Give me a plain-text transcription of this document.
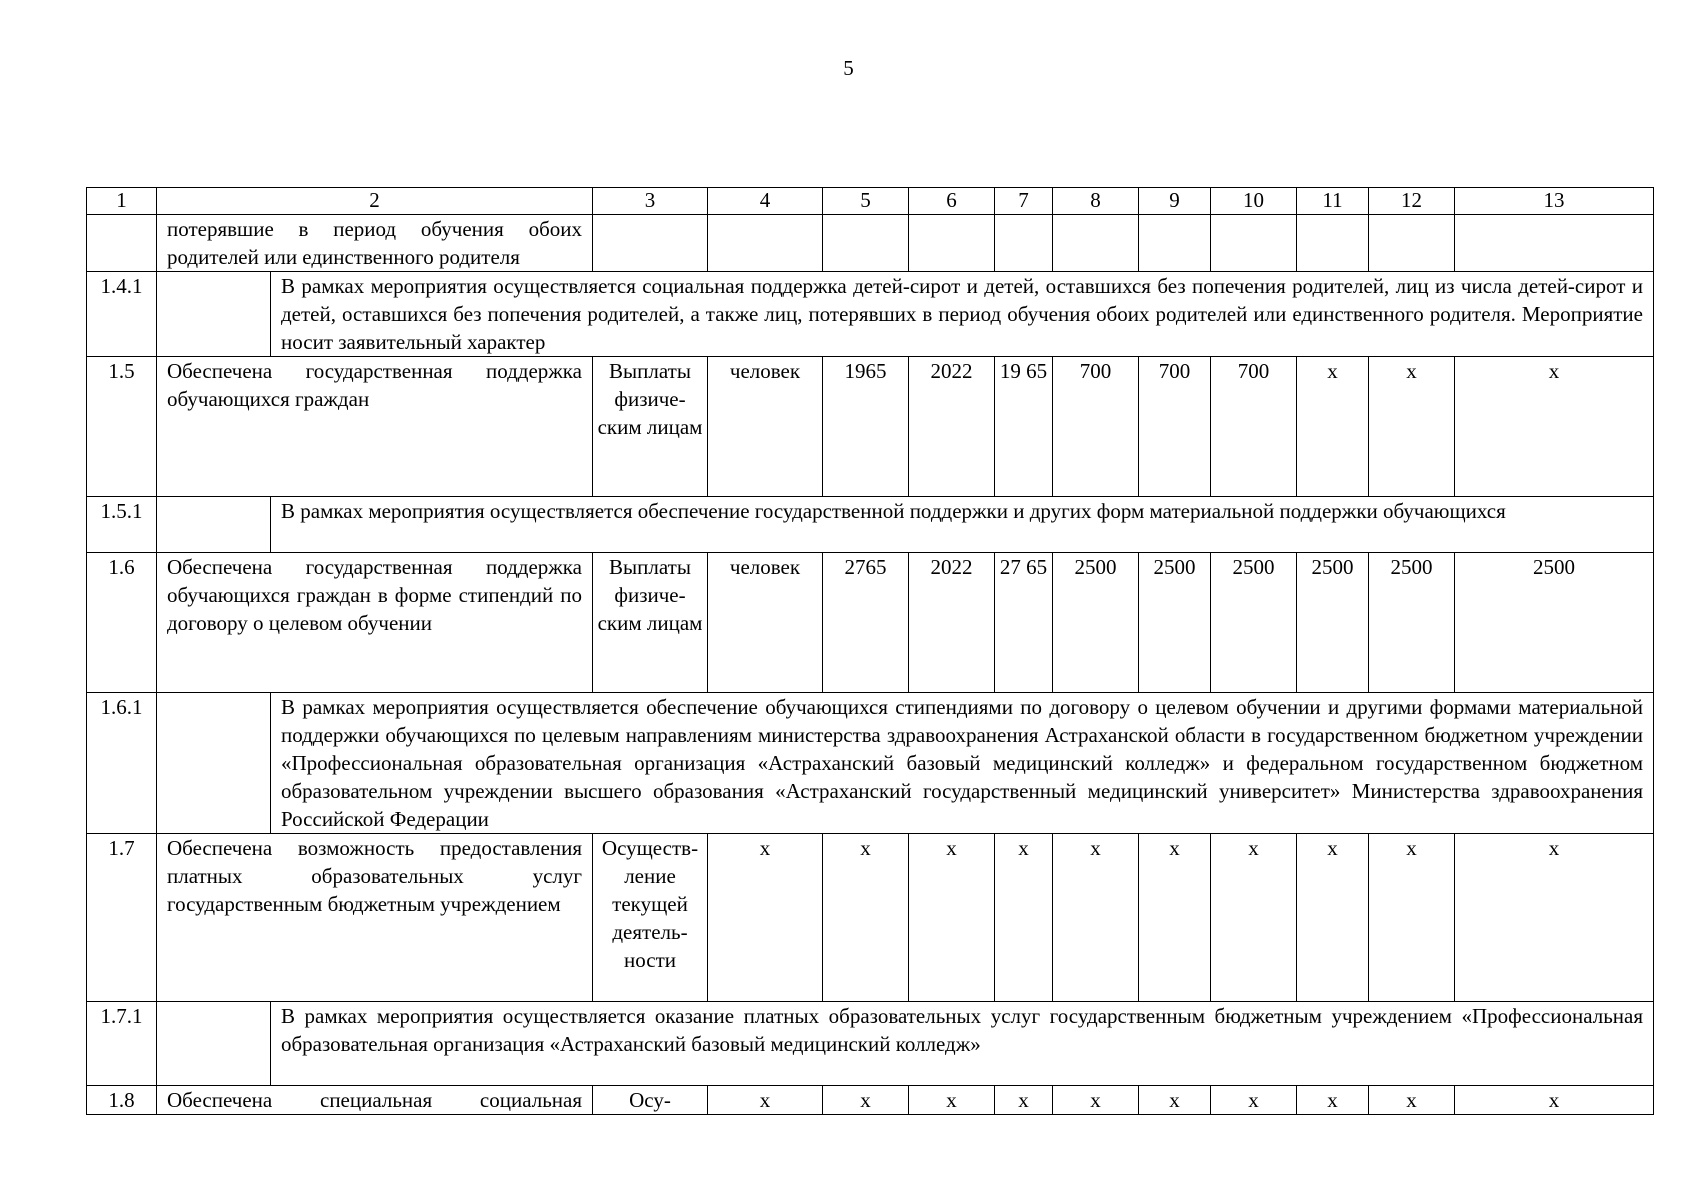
5
1	2		3	4	5	6	7	8	9	10	11	12	13
	потерявшие в период обучения обоих родителей или единственного родителя												
1.4.1		В рамках мероприятия осуществляется социальная поддержка детей-сирот и детей, оставшихся без попечения родителей, лиц из числа детей-сирот и детей, оставшихся без попечения родителей, а также лиц, потерявших в период обучения обоих родителей или единственного родителя. Мероприятие носит заявительный характер											
1.5	Обеспечена государственная поддержка обучающихся граждан		Выплаты физическим лицам	человек	1965	2022	19 65	700	700	700	х	х	х
1.5.1		В рамках мероприятия осуществляется обеспечение государственной поддержки и других форм материальной поддержки обучающихся											
1.6	Обеспечена государственная поддержка обучающихся граждан в форме стипендий по договору о целевом обучении		Выплаты физическим лицам	человек	2765	2022	27 65	2500	2500	2500	2500	2500	2500
1.6.1		В рамках мероприятия осуществляется обеспечение обучающихся стипендиями по договору о целевом обучении и другими формами материальной поддержки обучающихся по целевым направлениям министерства здравоохранения Астраханской области в государственном бюджетном учреждении «Профессиональная образовательная организация «Астраханский базовый медицинский колледж» и федеральном государственном бюджетном образовательном учреждении высшего образования «Астраханский государственный медицинский университет» Министерства здравоохранения Российской Федерации											
1.7	Обеспечена возможность предоставления платных образовательных услуг государственным бюджетным учреждением		Осуществление текущей деятельности	х	х	х	х	х	х	х	х	х	х
1.7.1		В рамках мероприятия осуществляется оказание платных образовательных услуг государственным бюджетным учреждением «Профессиональная образовательная организация «Астраханский базовый медицинский колледж»											
1.8	Обеспечена специальная социальная		Осу-	х	х	х	х	х	х	х	х	х	х
